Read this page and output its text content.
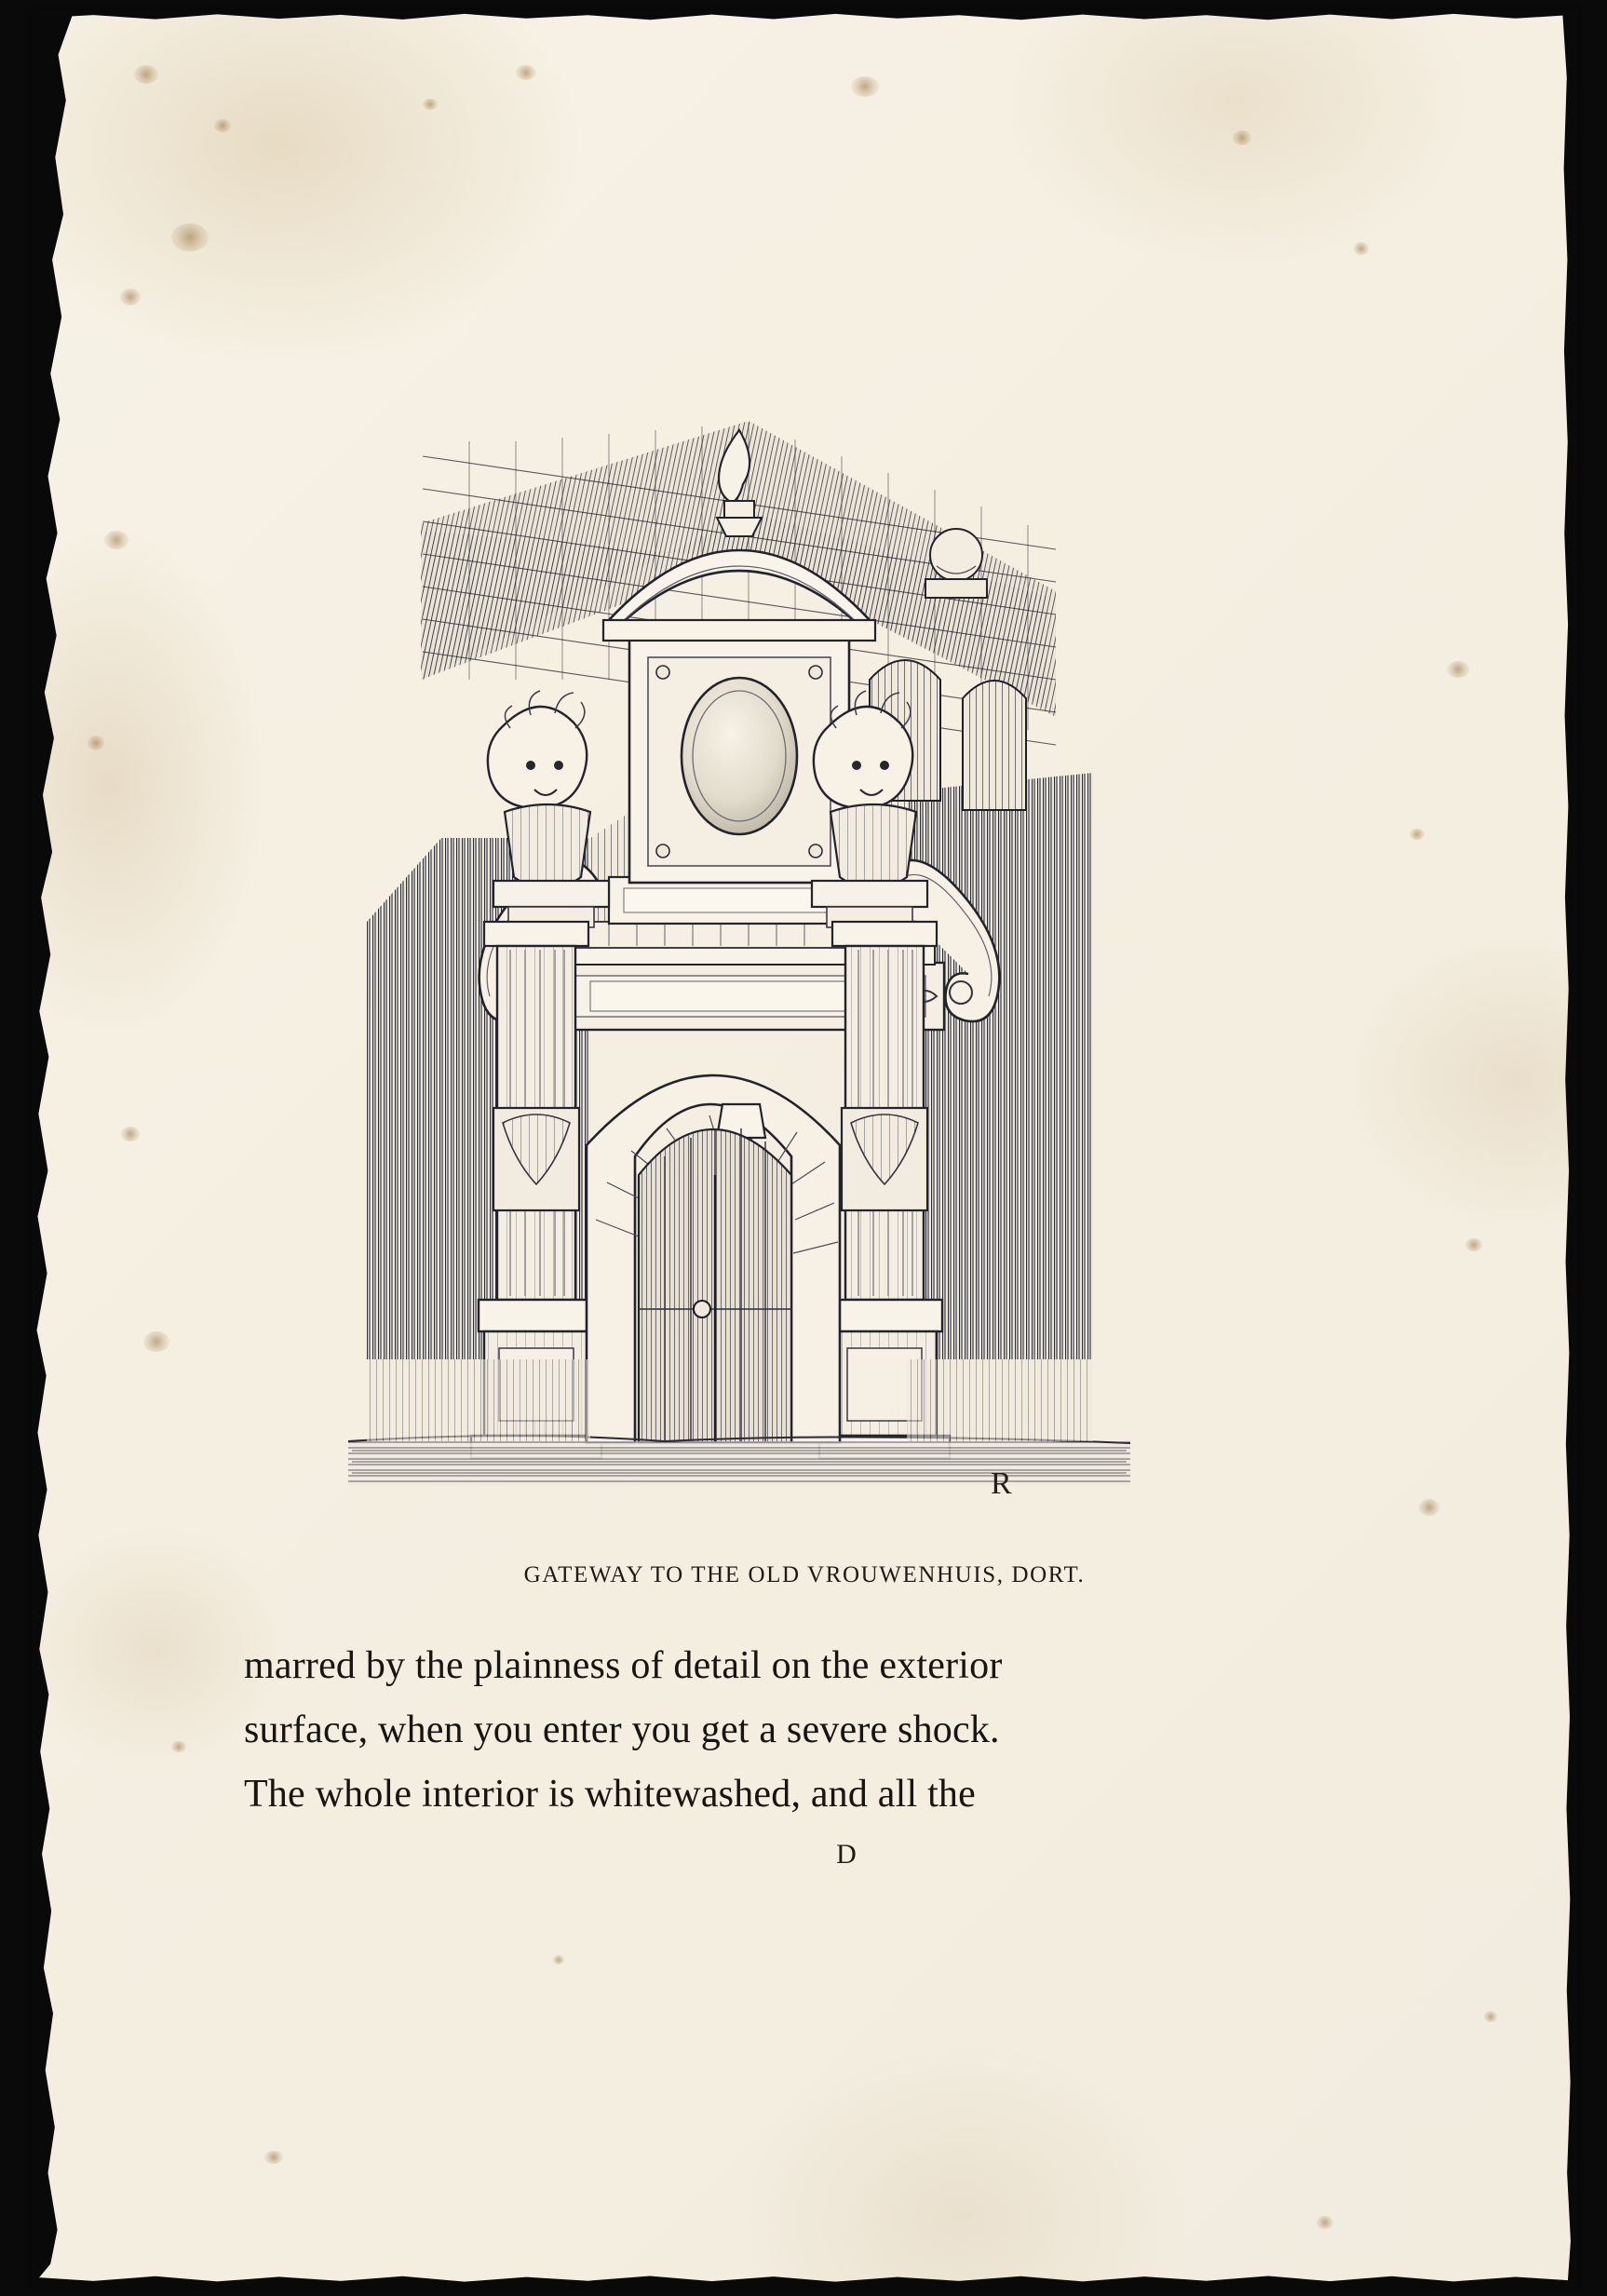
R
GATEWAY TO THE OLD VROUWENHUIS, DORT.
marred by the plainness of detail on the exterior
surface, when you enter you get a severe shock.
The whole interior is whitewashed, and all the
D
